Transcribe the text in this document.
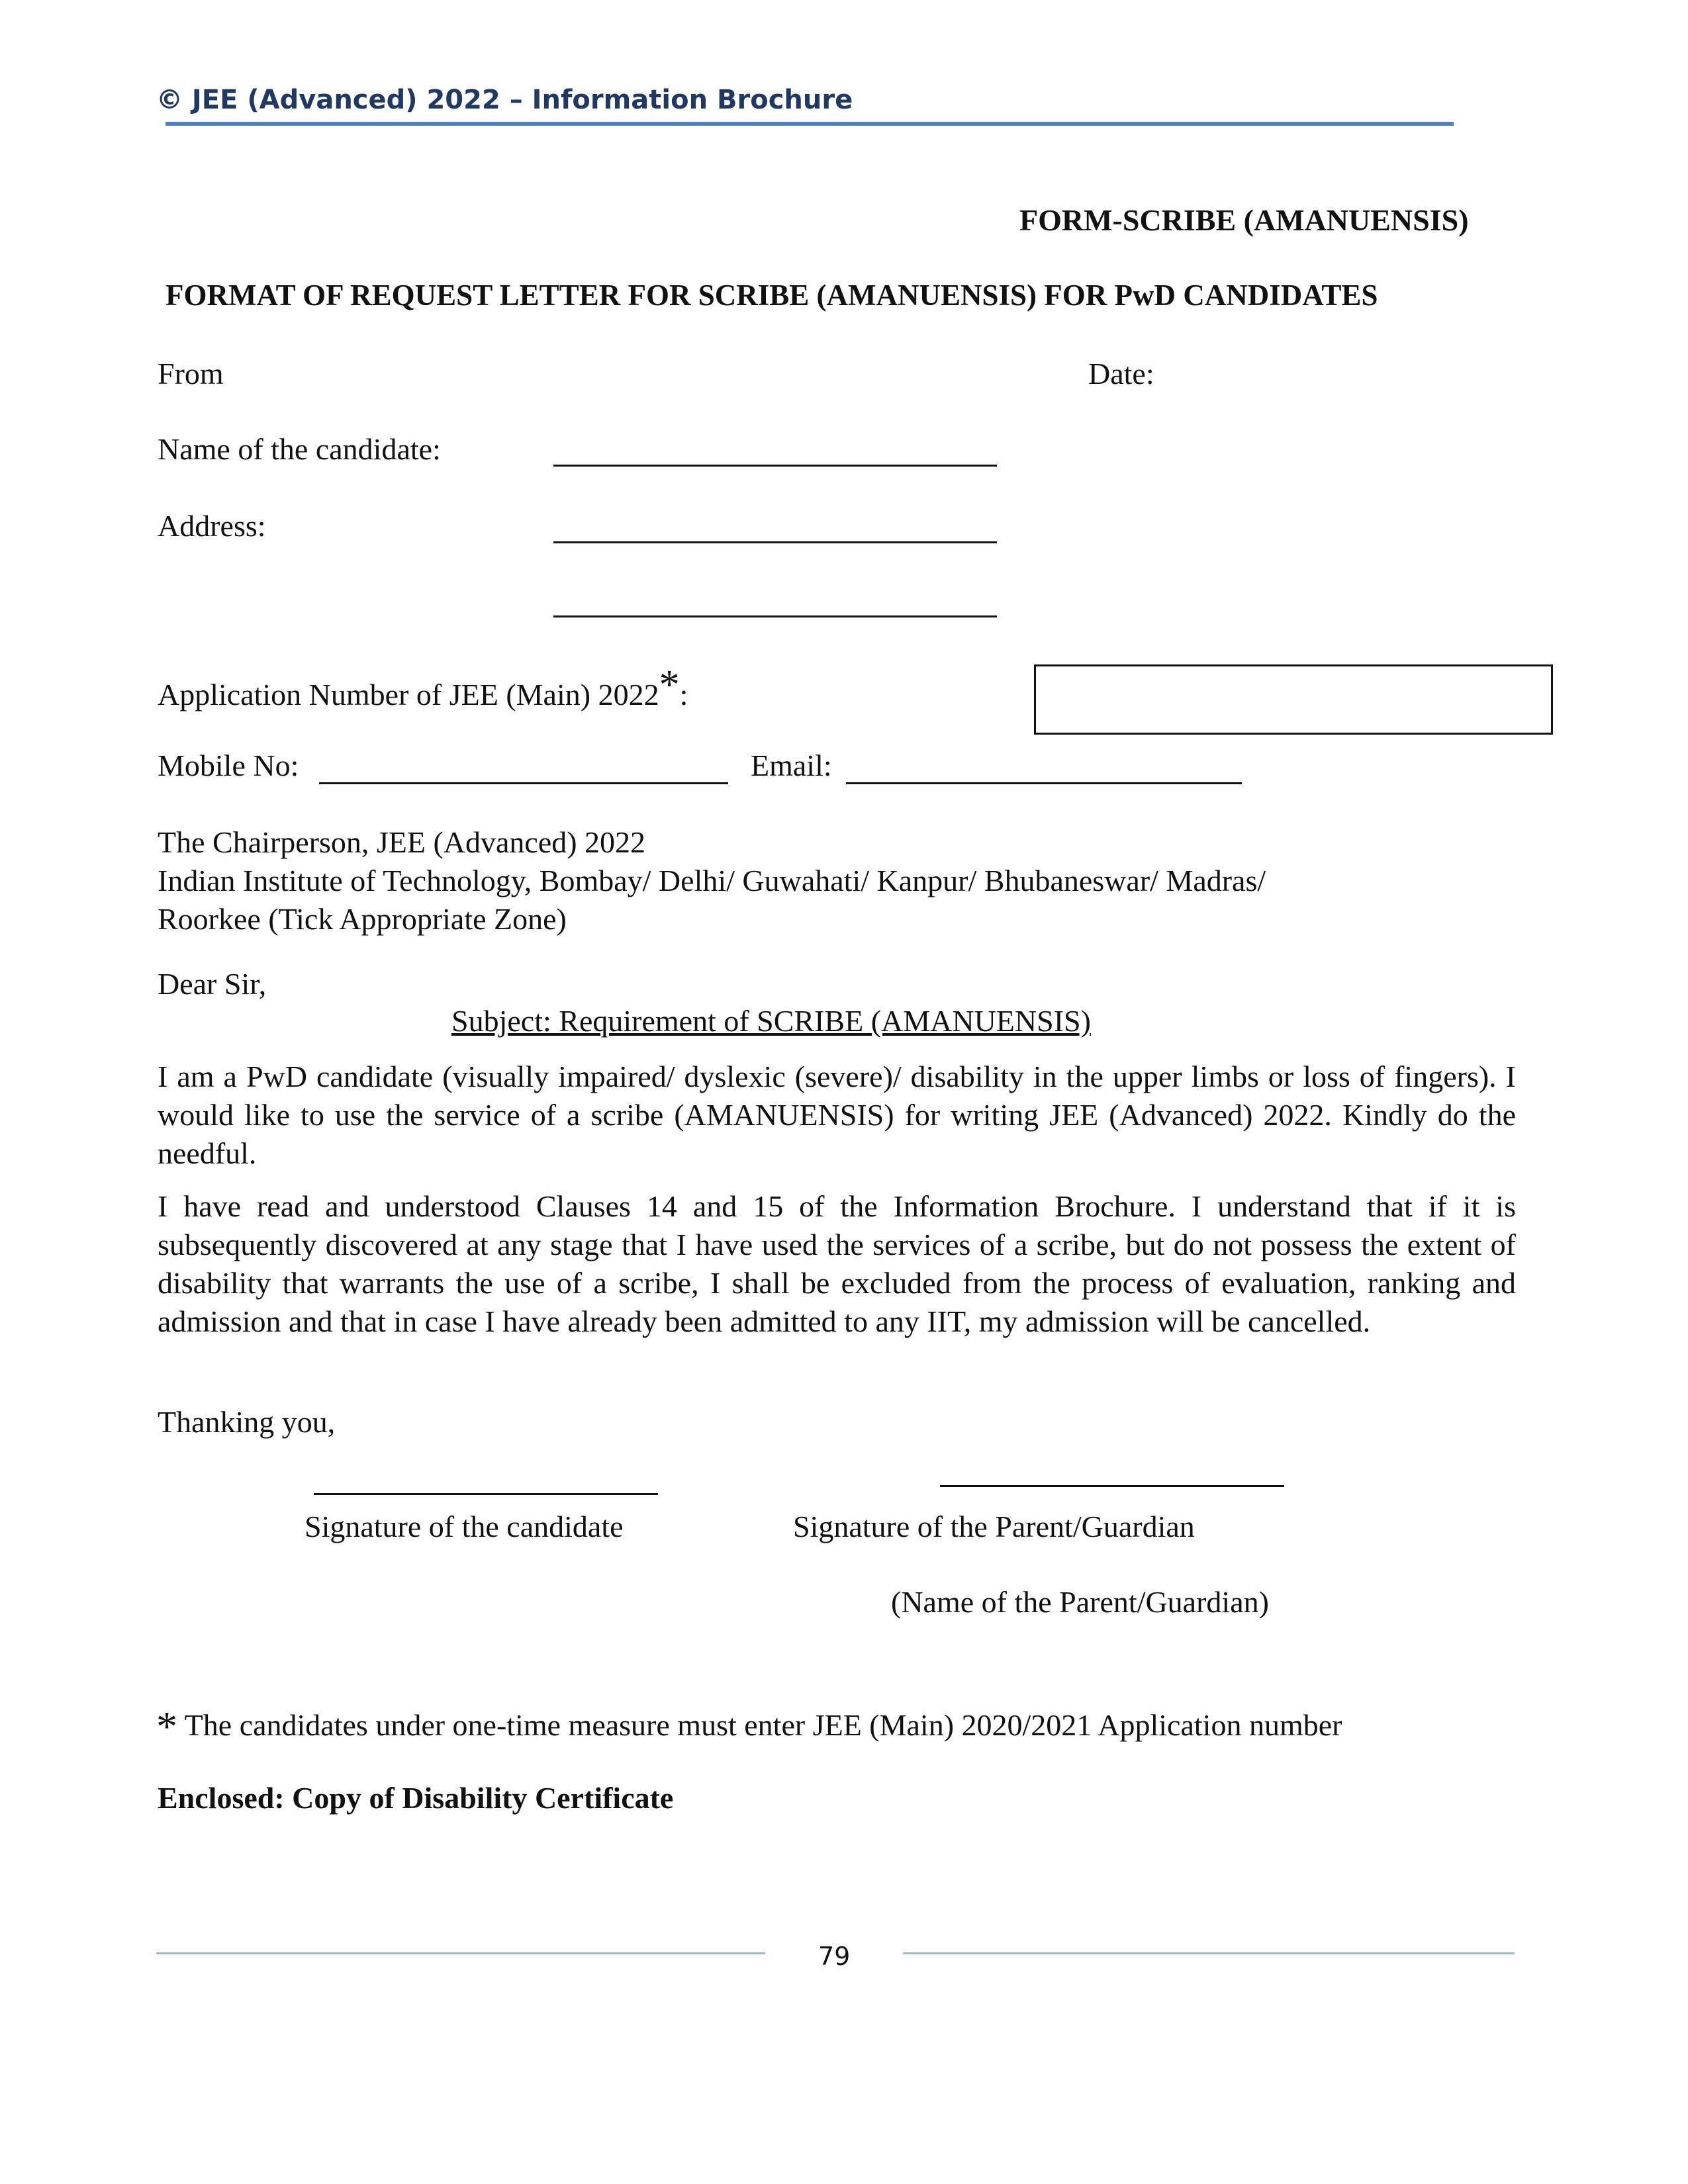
© JEE (Advanced) 2022 – Information Brochure
FORM-SCRIBE (AMANUENSIS)
FORMAT OF REQUEST LETTER FOR SCRIBE (AMANUENSIS) FOR PwD CANDIDATES
From	Date:
Name of the candidate:
Address:
Application Number of JEE (Main) 2022*:
Mobile No:	Email:
The Chairperson, JEE (Advanced) 2022
Indian Institute of Technology, Bombay/ Delhi/ Guwahati/ Kanpur/ Bhubaneswar/ Madras/
Roorkee (Tick Appropriate Zone)
Dear Sir,
Subject: Requirement of SCRIBE (AMANUENSIS)
I am a PwD candidate (visually impaired/ dyslexic (severe)/ disability in the upper limbs or loss of fingers). I would like to use the service of a scribe (AMANUENSIS) for writing JEE (Advanced) 2022. Kindly do the needful.
I have read and understood Clauses 14 and 15 of the Information Brochure. I understand that if it is subsequently discovered at any stage that I have used the services of a scribe, but do not possess the extent of disability that warrants the use of a scribe, I shall be excluded from the process of evaluation, ranking and admission and that in case I have already been admitted to any IIT, my admission will be cancelled.
Thanking you,
Signature of the candidate	Signature of the Parent/Guardian
(Name of the Parent/Guardian)
* The candidates under one-time measure must enter JEE (Main) 2020/2021 Application number
Enclosed: Copy of Disability Certificate
79
